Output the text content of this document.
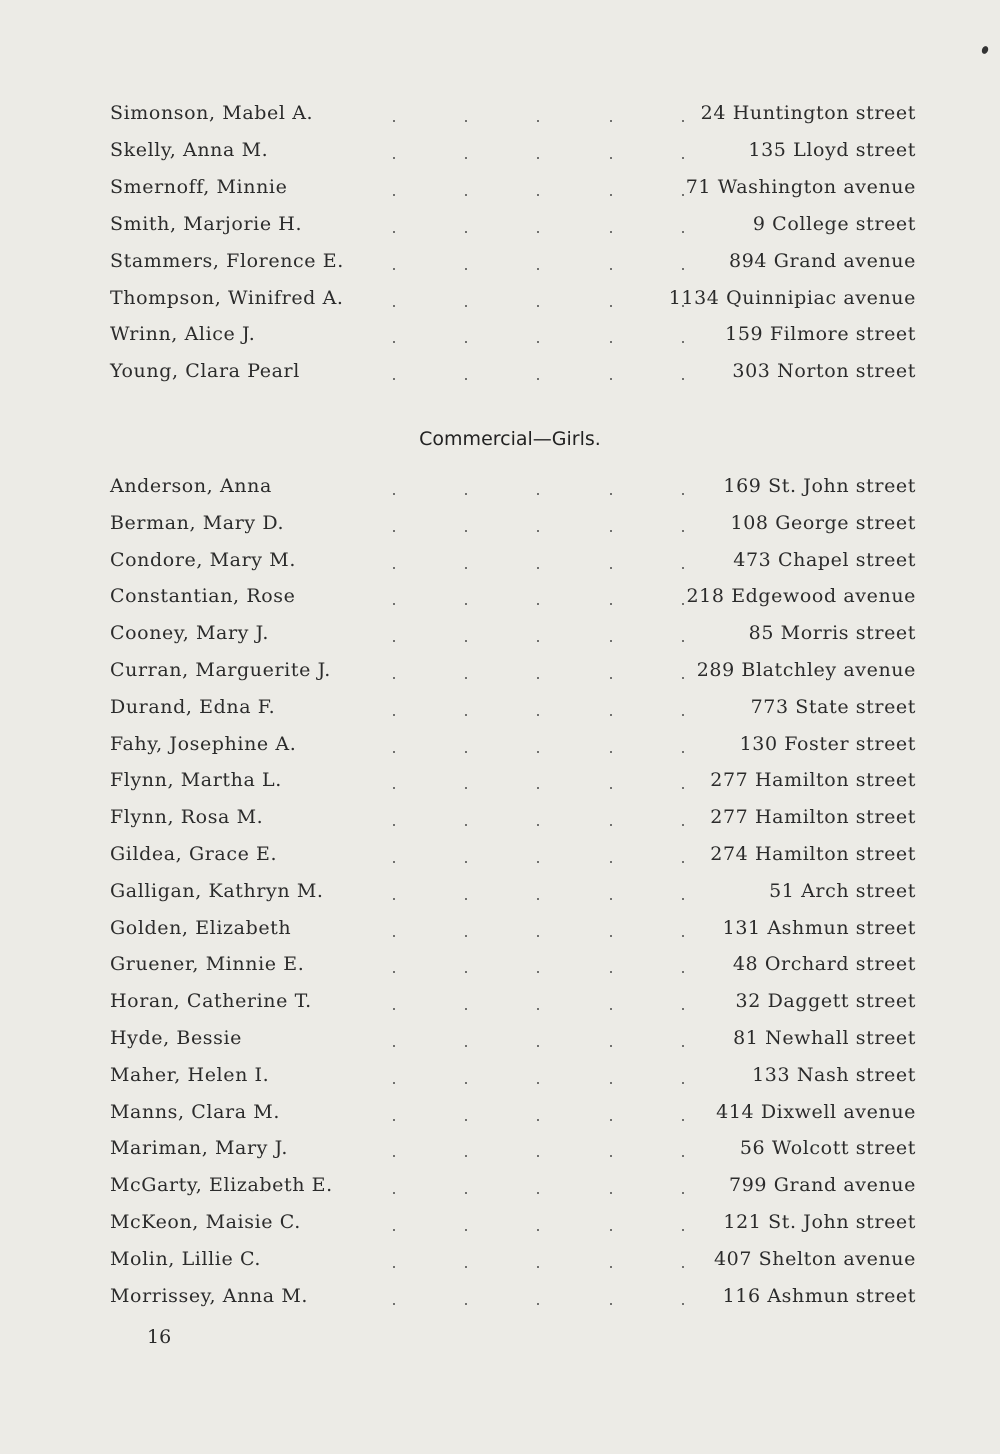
Simonson, Mabel A.	24 Huntington street
Skelly, Anna M.	135 Lloyd street
Smernoff, Minnie	71 Washington avenue
Smith, Marjorie H.	9 College street
Stammers, Florence E.	894 Grand avenue
Thompson, Winifred A.	1134 Quinnipiac avenue
Wrinn, Alice J.	159 Filmore street
Young, Clara Pearl	303 Norton street
Commercial—Girls.
Anderson, Anna	169 St. John street
Berman, Mary D.	108 George street
Condore, Mary M.	473 Chapel street
Constantian, Rose	218 Edgewood avenue
Cooney, Mary J.	85 Morris street
Curran, Marguerite J.	289 Blatchley avenue
Durand, Edna F.	773 State street
Fahy, Josephine A.	130 Foster street
Flynn, Martha L.	277 Hamilton street
Flynn, Rosa M.	277 Hamilton street
Gildea, Grace E.	274 Hamilton street
Galligan, Kathryn M.	51 Arch street
Golden, Elizabeth	131 Ashmun street
Gruener, Minnie E.	48 Orchard street
Horan, Catherine T.	32 Daggett street
Hyde, Bessie	81 Newhall street
Maher, Helen I.	133 Nash street
Manns, Clara M.	414 Dixwell avenue
Mariman, Mary J.	56 Wolcott street
McGarty, Elizabeth E.	799 Grand avenue
McKeon, Maisie C.	121 St. John street
Molin, Lillie C.	407 Shelton avenue
Morrissey, Anna M.	116 Ashmun street
16
